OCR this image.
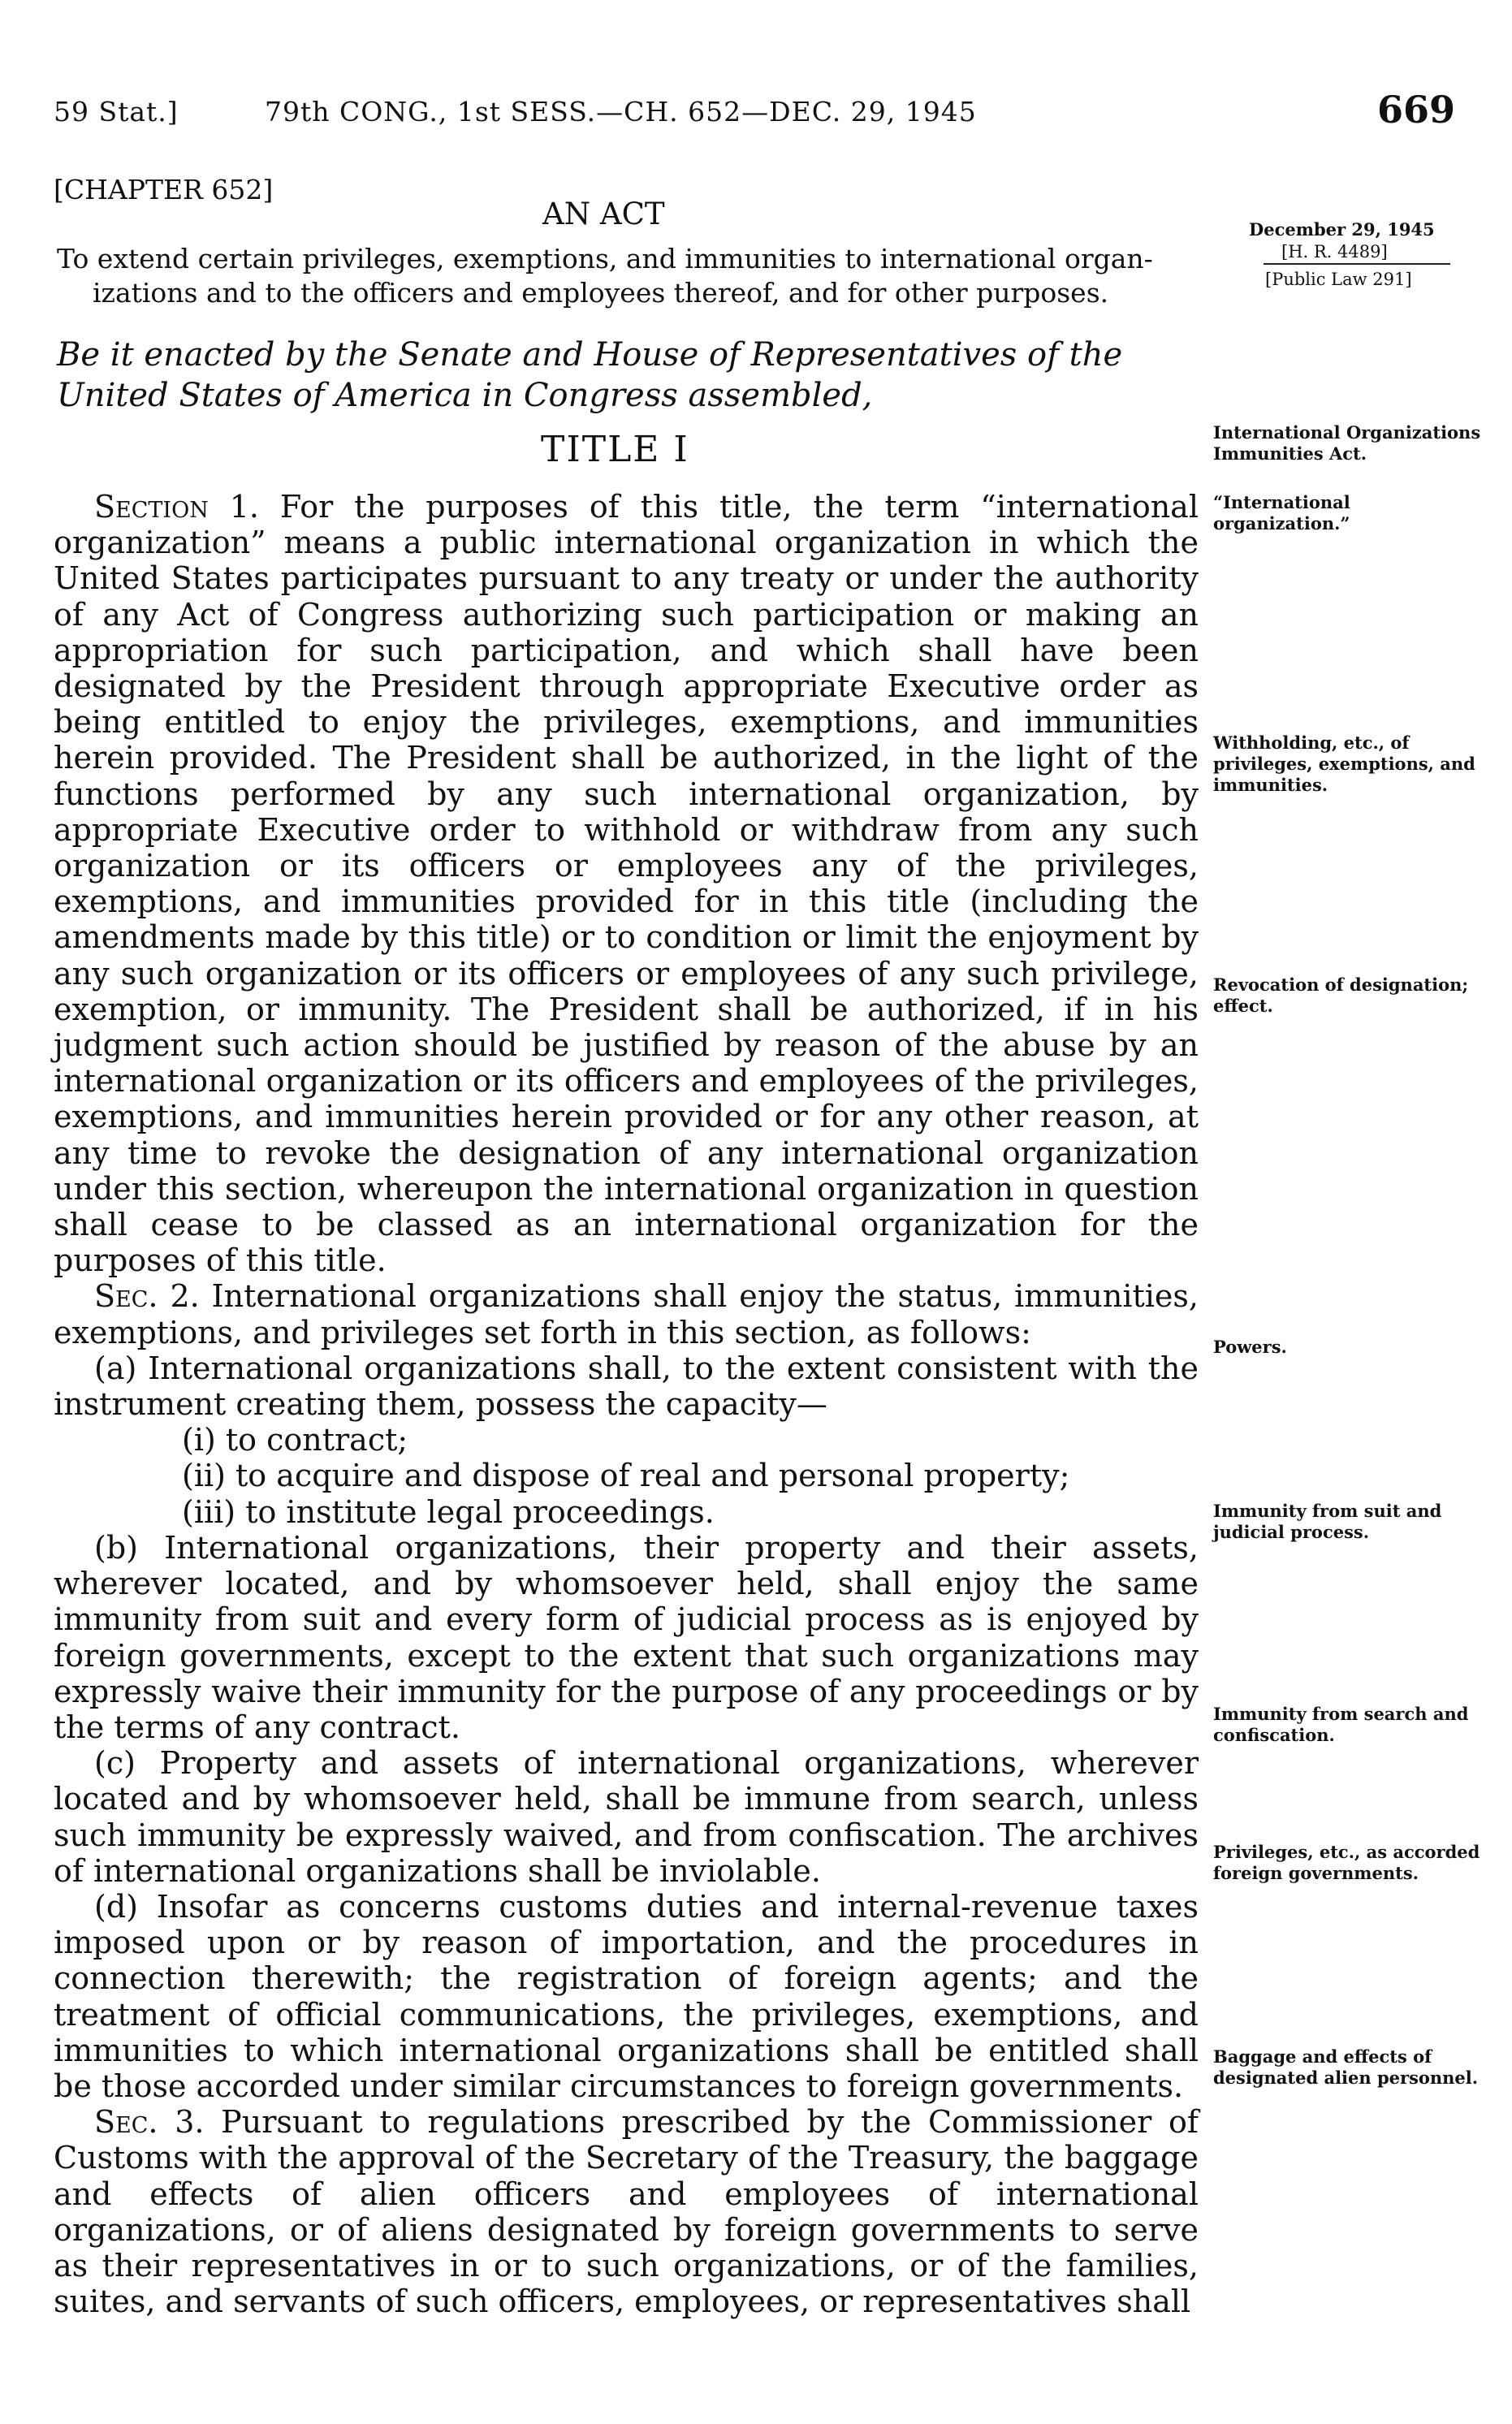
59 Stat.]	79th CONG., 1st SESS.—CH. 652—DEC. 29, 1945	669
[CHAPTER 652]
AN ACT
To extend certain privileges, exemptions, and immunities to international organ-
izations and to the officers and employees thereof, and for other purposes.
December 29, 1945
[H. R. 4489]
[Public Law 291]
Be it enacted by the Senate and House of Representatives of the United States of America in Congress assembled,
TITLE I	International Organizations Immunities Act.
“International organization.”
Withholding, etc., of privileges, exemptions, and immunities.
Revocation of designation; effect.
Powers.
Immunity from suit and judicial process.
Immunity from search and confiscation.
Privileges, etc., as accorded foreign governments.
Baggage and effects of designated alien personnel.

Section 1. For the purposes of this title, the term “international organization” means a public international organization in which the United States participates pursuant to any treaty or under the authority of any Act of Congress authorizing such participation or making an appropriation for such participation, and which shall have been designated by the President through appropriate Executive order as being entitled to enjoy the privileges, exemptions, and immunities herein provided. The President shall be authorized, in the light of the functions performed by any such international organization, by appropriate Executive order to withhold or withdraw from any such organization or its officers or employees any of the privileges, exemptions, and immunities provided for in this title (including the amendments made by this title) or to condition or limit the enjoyment by any such organization or its officers or employees of any such privilege, exemption, or immunity. The President shall be authorized, if in his judgment such action should be justified by reason of the abuse by an international organization or its officers and employees of the privileges, exemptions, and immunities herein provided or for any other reason, at any time to revoke the designation of any international organization under this section, whereupon the international organization in question shall cease to be classed as an international organization for the purposes of this title.

Sec. 2. International organizations shall enjoy the status, immunities, exemptions, and privileges set forth in this section, as follows:

(a) International organizations shall, to the extent consistent with the instrument creating them, possess the capacity—

(i) to contract;

(ii) to acquire and dispose of real and personal property;

(iii) to institute legal proceedings.

(b) International organizations, their property and their assets, wherever located, and by whomsoever held, shall enjoy the same immunity from suit and every form of judicial process as is enjoyed by foreign governments, except to the extent that such organizations may expressly waive their immunity for the purpose of any proceedings or by the terms of any contract.

(c) Property and assets of international organizations, wherever located and by whomsoever held, shall be immune from search, unless such immunity be expressly waived, and from confiscation. The archives of international organizations shall be inviolable.

(d) Insofar as concerns customs duties and internal-revenue taxes imposed upon or by reason of importation, and the procedures in connection therewith; the registration of foreign agents; and the treatment of official communications, the privileges, exemptions, and immunities to which international organizations shall be entitled shall be those accorded under similar circumstances to foreign governments.

Sec. 3. Pursuant to regulations prescribed by the Commissioner of Customs with the approval of the Secretary of the Treasury, the baggage and effects of alien officers and employees of international organizations, or of aliens designated by foreign governments to serve as their representatives in or to such organizations, or of the families, suites, and servants of such officers, employees, or representatives shall
